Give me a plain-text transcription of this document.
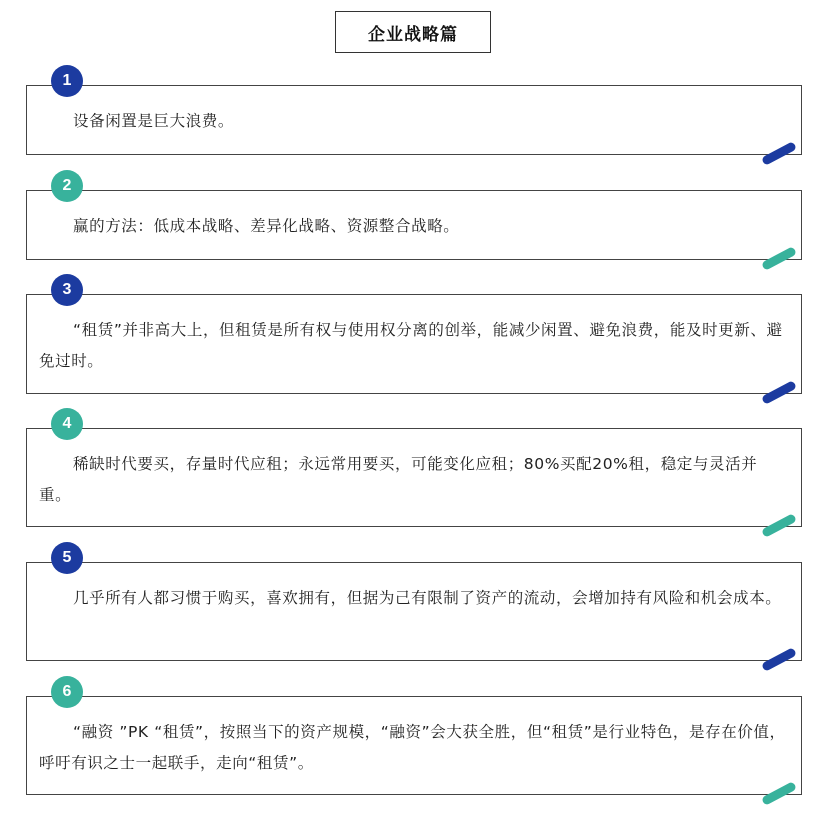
企业战略篇
1

设备闲置是巨大浪费。

2

赢的方法：低成本战略、差异化战略、资源整合战略。

3

“租赁”并非高大上，但租赁是所有权与使用权分离的创举，能减少闲置、避免浪费，能及时更新、避免过时。

4

稀缺时代要买，存量时代应租；永远常用要买，可能变化应租；80%买配20%租，稳定与灵活并重。

5

几乎所有人都习惯于购买，喜欢拥有，但据为己有限制了资产的流动，会增加持有风险和机会成本。

6

“融资 ”PK “租赁”，按照当下的资产规模，“融资”会大获全胜，但“租赁”是行业特色，是存在价值，呼吁有识之士一起联手，走向“租赁”。
